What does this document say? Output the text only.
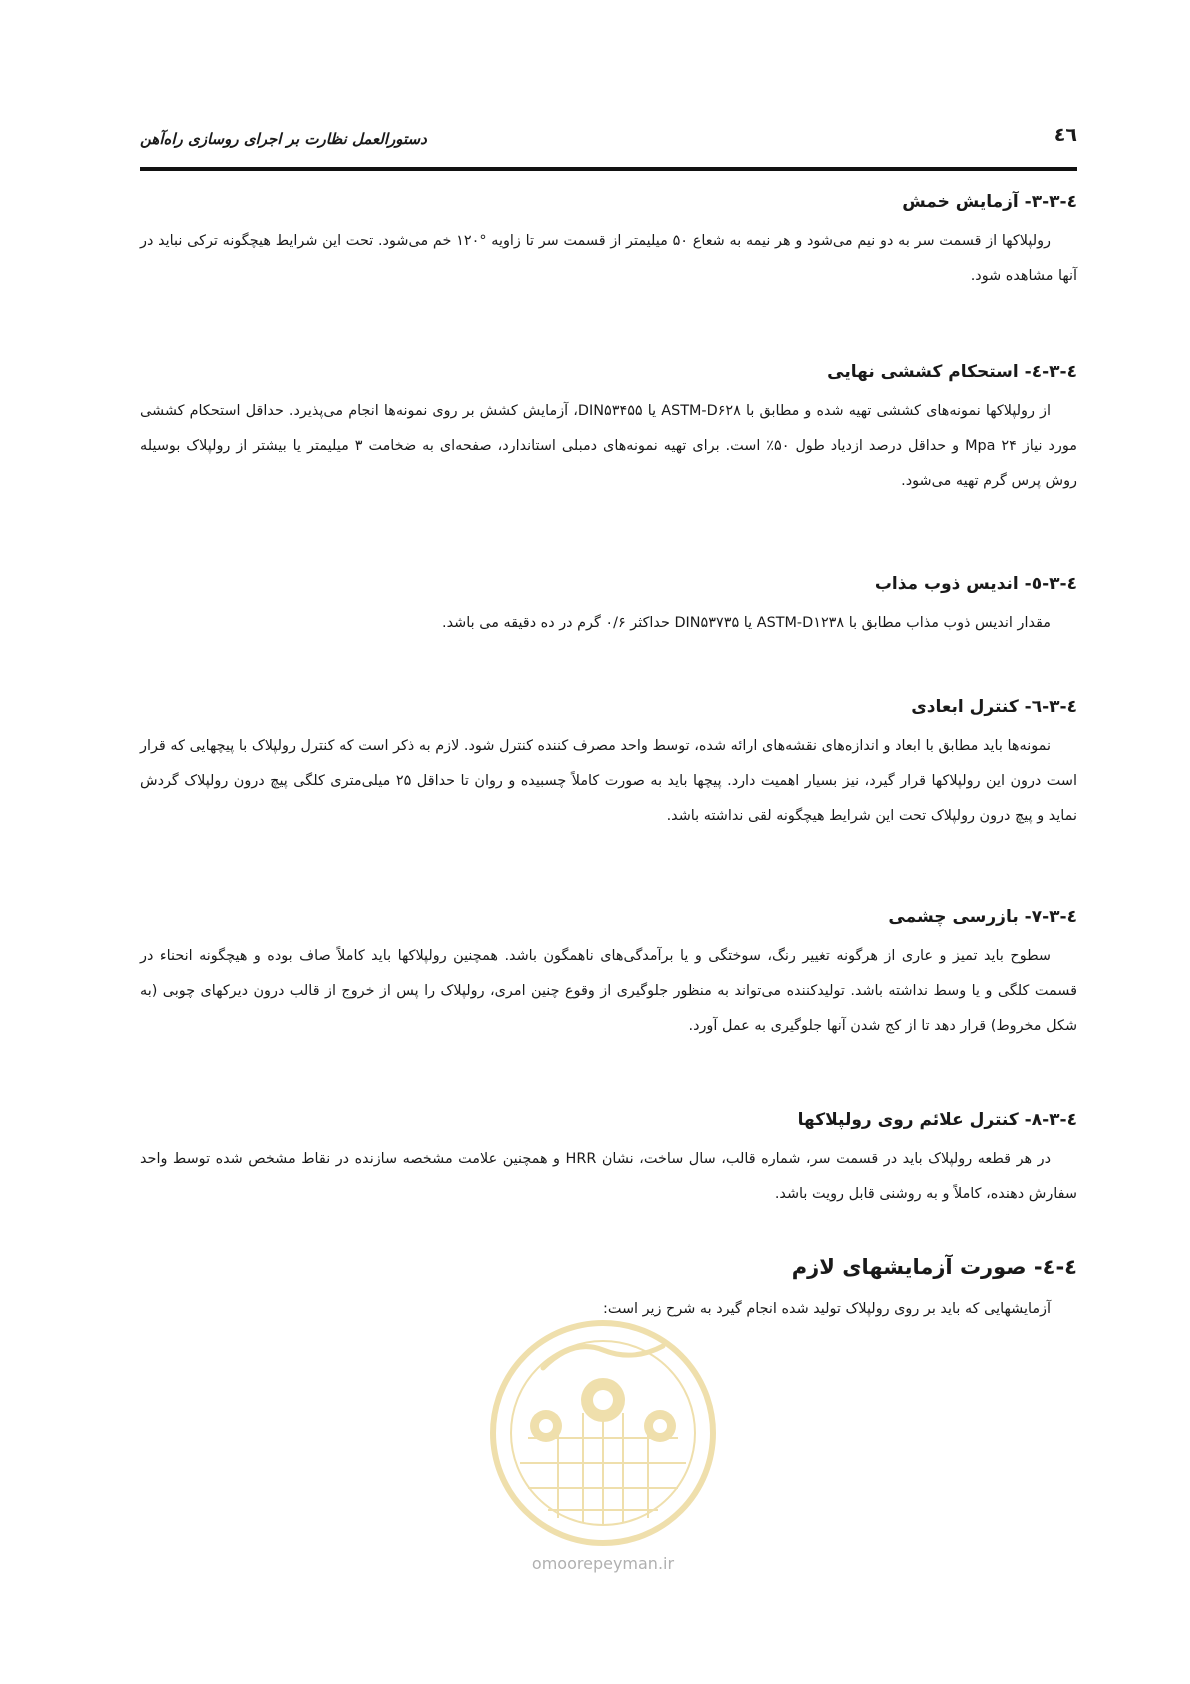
دستورالعمل نظارت بر اجرای روسازی راه‌آهن	٤٦
٤-٣-٣- آزمایش خمش

رولپلاکها از قسمت سر به دو نیم می‌شود و هر نیمه به شعاع ۵۰ میلیمتر از قسمت سر تا زاویه °۱۲۰ خم می‌شود. تحت این شرایط هیچگونه ترکی نباید در آنها مشاهده شود.

٤-٣-٤- استحکام کششی نهایی

از رولپلاکها نمونه‌های کششی تهیه شده و مطابق با ASTM-D۶۲۸ یا DIN۵۳۴۵۵، آزمایش کشش بر روی نمونه‌ها انجام می‌پذیرد. حداقل استحکام کششی مورد نیاز ۲۴ Mpa و حداقل درصد ازدیاد طول ۵۰٪ است. برای تهیه نمونه‌های دمبلی استاندارد، صفحه‌ای به ضخامت ۳ میلیمتر یا بیشتر از رولپلاک بوسیله روش پرس گرم تهیه می‌شود.

٤-٣-٥- اندیس ذوب مذاب

مقدار اندیس ذوب مذاب مطابق با ASTM-D۱۲۳۸ یا DIN۵۳۷۳۵ حداکثر ۰/۶ گرم در ده دقیقه می باشد.

٤-٣-٦- کنترل ابعادی

نمونه‌ها باید مطابق با ابعاد و اندازه‌های نقشه‌های ارائه شده، توسط واحد مصرف کننده کنترل شود. لازم به ذکر است که کنترل رولپلاک با پیچهایی که قرار است درون این رولپلاکها قرار گیرد، نیز بسیار اهمیت دارد. پیچها باید به صورت کاملاً چسبیده و روان تا حداقل ۲۵ میلی‌متری کلگی پیچ درون رولپلاک گردش نماید و پیچ درون رولپلاک تحت این شرایط هیچگونه لقی نداشته باشد.

٤-٣-٧- بازرسی چشمی

سطوح باید تمیز و عاری از هرگونه تغییر رنگ، سوختگی و یا برآمدگی‌های ناهمگون باشد. همچنین رولپلاکها باید کاملاً صاف بوده و هیچگونه انحناء در قسمت کلگی و یا وسط نداشته باشد. تولیدکننده می‌تواند به منظور جلوگیری از وقوع چنین امری، رولپلاک را پس از خروج از قالب درون دیرکهای چوبی (به شکل مخروط) قرار دهد تا از کج شدن آنها جلوگیری به عمل آورد.

٤-٣-٨- کنترل علائم روی رولپلاکها

در هر قطعه رولپلاک باید در قسمت سر، شماره قالب، سال ساخت، نشان HRR و همچنین علامت مشخصه سازنده در نقاط مشخص شده توسط واحد سفارش دهنده، کاملاً و به روشنی قابل رویت باشد.

٤-٤- صورت آزمایشهای لازم

آزمایشهایی که باید بر روی رولپلاک تولید شده انجام گیرد به شرح زیر است:

omoorepeyman.ir
